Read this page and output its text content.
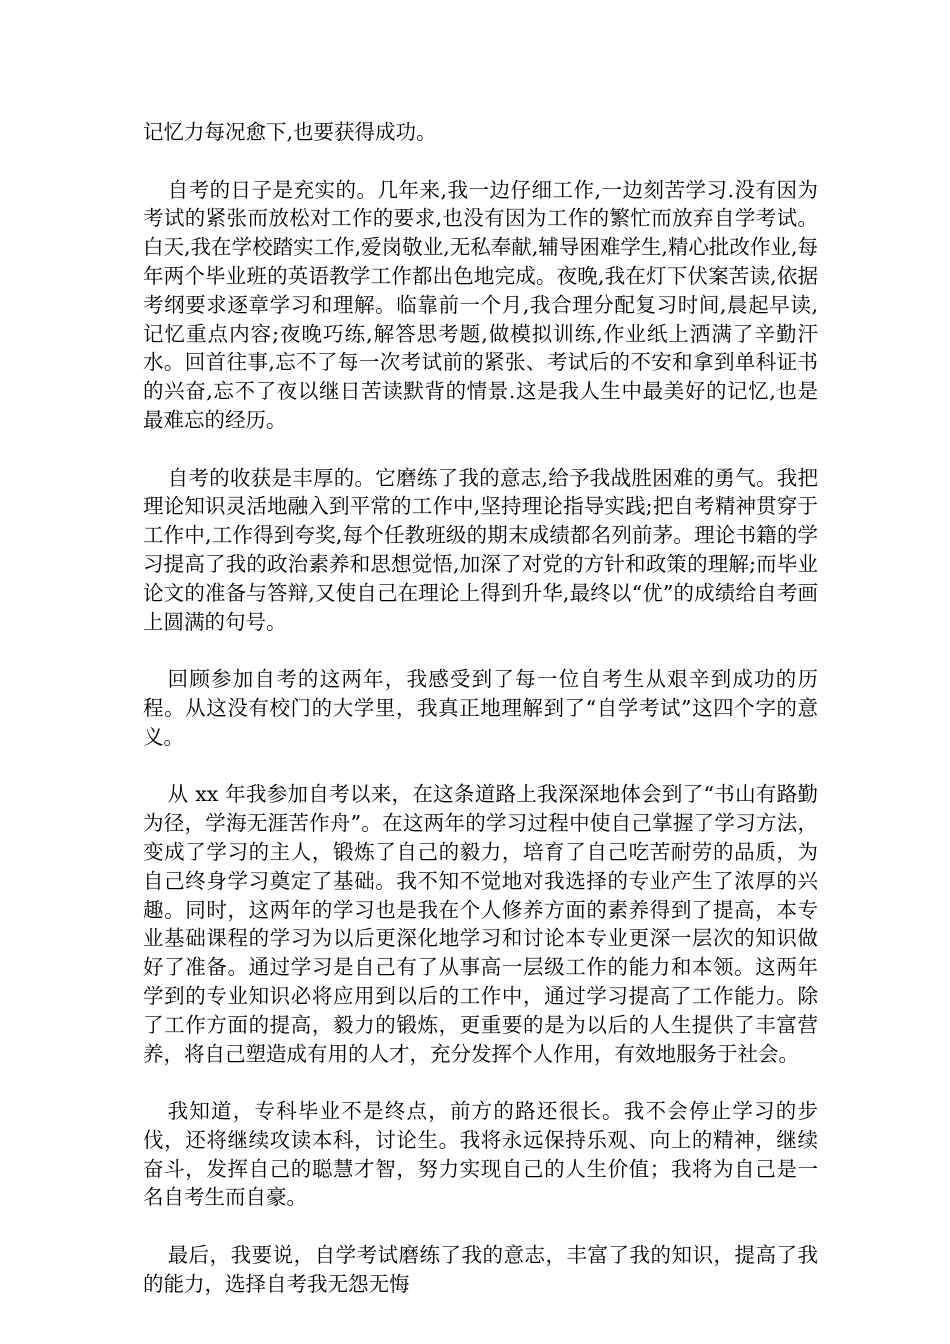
记忆力每况愈下,也要获得成功。

自考的日子是充实的。几年来,我一边仔细工作,一边刻苦学习.没有因为考试的紧张而放松对工作的要求,也没有因为工作的繁忙而放弃自学考试。白天,我在学校踏实工作,爱岗敬业,无私奉献,辅导困难学生,精心批改作业,每年两个毕业班的英语教学工作都出色地完成。夜晚,我在灯下伏案苦读,依据考纲要求逐章学习和理解。临靠前一个月,我合理分配复习时间,晨起早读,记忆重点内容;夜晚巧练,解答思考题,做模拟训练,作业纸上洒满了辛勤汗水。回首往事,忘不了每一次考试前的紧张、考试后的不安和拿到单科证书的兴奋,忘不了夜以继日苦读默背的情景.这是我人生中最美好的记忆,也是最难忘的经历。

自考的收获是丰厚的。它磨练了我的意志,给予我战胜困难的勇气。我把理论知识灵活地融入到平常的工作中,坚持理论指导实践;把自考精神贯穿于工作中,工作得到夸奖,每个任教班级的期末成绩都名列前茅。理论书籍的学习提高了我的政治素养和思想觉悟,加深了对党的方针和政策的理解;而毕业论文的准备与答辩,又使自己在理论上得到升华,最终以“优”的成绩给自考画上圆满的句号。

回顾参加自考的这两年，我感受到了每一位自考生从艰辛到成功的历程。从这没有校门的大学里，我真正地理解到了“自学考试”这四个字的意义。

从 xx 年我参加自考以来，在这条道路上我深深地体会到了“书山有路勤为径，学海无涯苦作舟”。在这两年的学习过程中使自己掌握了学习方法，变成了学习的主人，锻炼了自己的毅力，培育了自己吃苦耐劳的品质，为自己终身学习奠定了基础。我不知不觉地对我选择的专业产生了浓厚的兴趣。同时，这两年的学习也是我在个人修养方面的素养得到了提高，本专业基础课程的学习为以后更深化地学习和讨论本专业更深一层次的知识做好了准备。通过学习是自己有了从事高一层级工作的能力和本领。这两年学到的专业知识必将应用到以后的工作中，通过学习提高了工作能力。除了工作方面的提高，毅力的锻炼，更重要的是为以后的人生提供了丰富营养，将自己塑造成有用的人才，充分发挥个人作用，有效地服务于社会。

我知道，专科毕业不是终点，前方的路还很长。我不会停止学习的步伐，还将继续攻读本科，讨论生。我将永远保持乐观、向上的精神，继续奋斗，发挥自己的聪慧才智，努力实现自己的人生价值；我将为自己是一名自考生而自豪。

最后，我要说，自学考试磨练了我的意志，丰富了我的知识，提高了我的能力，选择自考我无怨无悔
